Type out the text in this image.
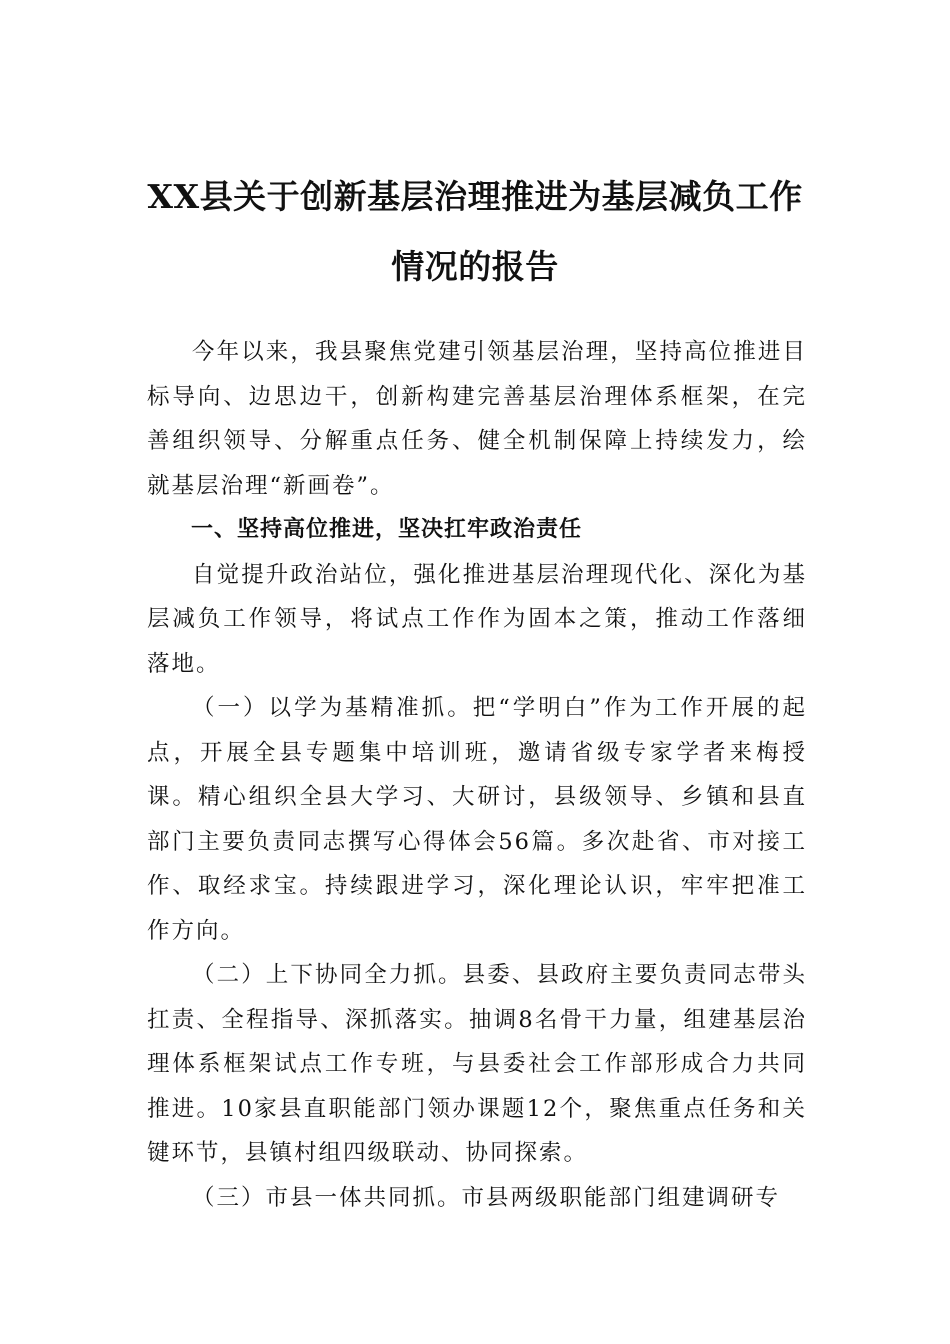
XX县关于创新基层治理推进为基层减负工作情况的报告

今年以来，我县聚焦党建引领基层治理，坚持高位推进目标导向、边思边干，创新构建完善基层治理体系框架，在完善组织领导、分解重点任务、健全机制保障上持续发力，绘就基层治理“新画卷”。

一、坚持高位推进，坚决扛牢政治责任

自觉提升政治站位，强化推进基层治理现代化、深化为基层减负工作领导，将试点工作作为固本之策，推动工作落细落地。

（一）以学为基精准抓。把“学明白”作为工作开展的起点，开展全县专题集中培训班，邀请省级专家学者来梅授课。精心组织全县大学习、大研讨，县级领导、乡镇和县直部门主要负责同志撰写心得体会56篇。多次赴省、市对接工作、取经求宝。持续跟进学习，深化理论认识，牢牢把准工作方向。

（二）上下协同全力抓。县委、县政府主要负责同志带头扛责、全程指导、深抓落实。抽调8名骨干力量，组建基层治理体系框架试点工作专班，与县委社会工作部形成合力共同推进。10家县直职能部门领办课题12个，聚焦重点任务和关键环节，县镇村组四级联动、协同探索。

（三）市县一体共同抓。市县两级职能部门组建调研专
